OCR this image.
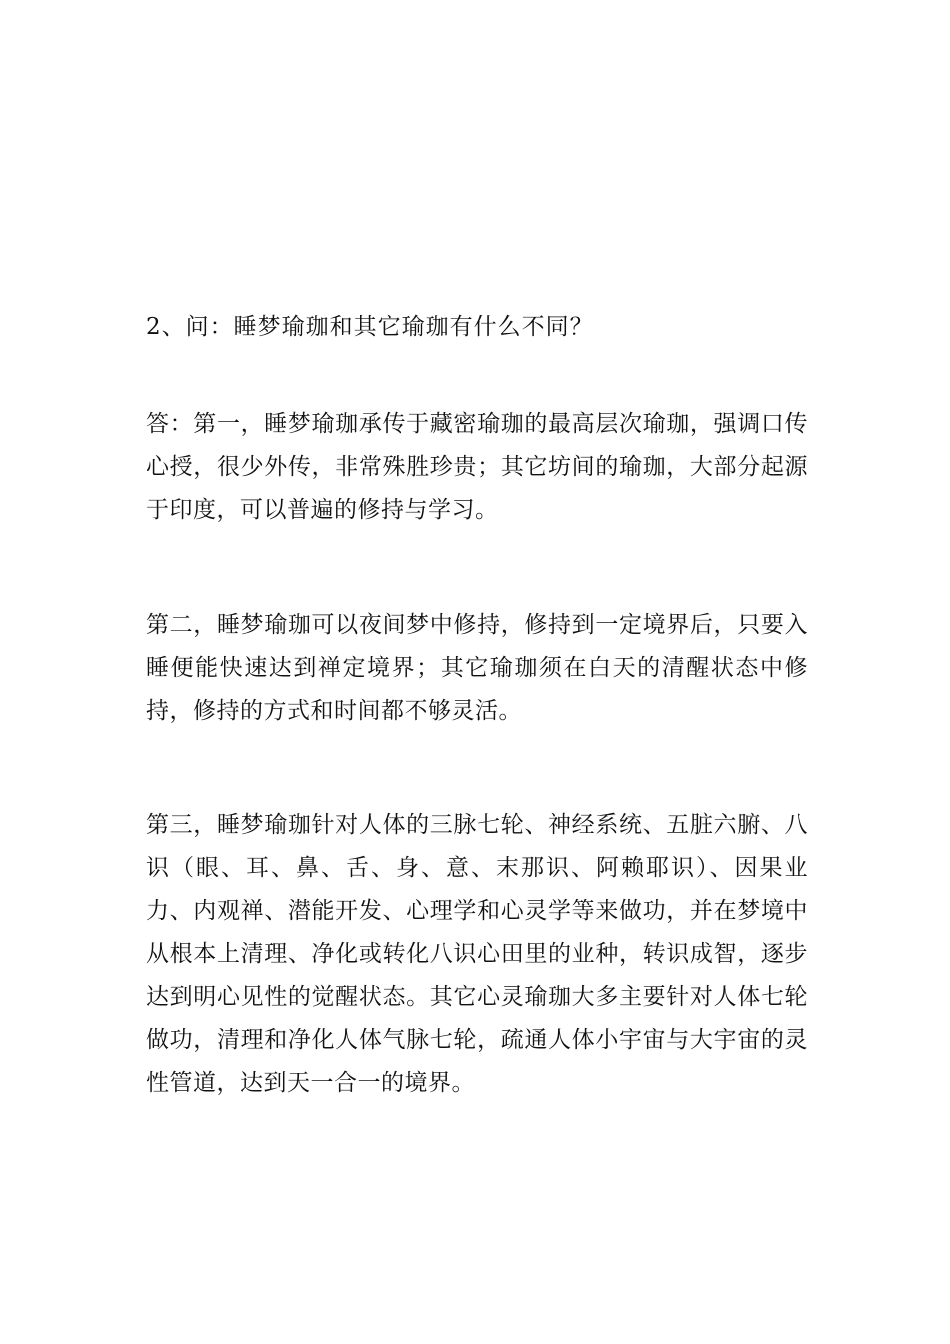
2、问：睡梦瑜珈和其它瑜珈有什么不同？

答：第一，睡梦瑜珈承传于藏密瑜珈的最高层次瑜珈，强调口传心授，很少外传，非常殊胜珍贵；其它坊间的瑜珈，大部分起源于印度，可以普遍的修持与学习。

第二，睡梦瑜珈可以夜间梦中修持，修持到一定境界后，只要入睡便能快速达到禅定境界；其它瑜珈须在白天的清醒状态中修持，修持的方式和时间都不够灵活。

第三，睡梦瑜珈针对人体的三脉七轮、神经系统、五脏六腑、八识（眼、耳、鼻、舌、身、意、末那识、阿赖耶识）、因果业力、内观禅、潜能开发、心理学和心灵学等来做功，并在梦境中从根本上清理、净化或转化八识心田里的业种，转识成智，逐步达到明心见性的觉醒状态。其它心灵瑜珈大多主要针对人体七轮做功，清理和净化人体气脉七轮，疏通人体小宇宙与大宇宙的灵性管道，达到天一合一的境界。
